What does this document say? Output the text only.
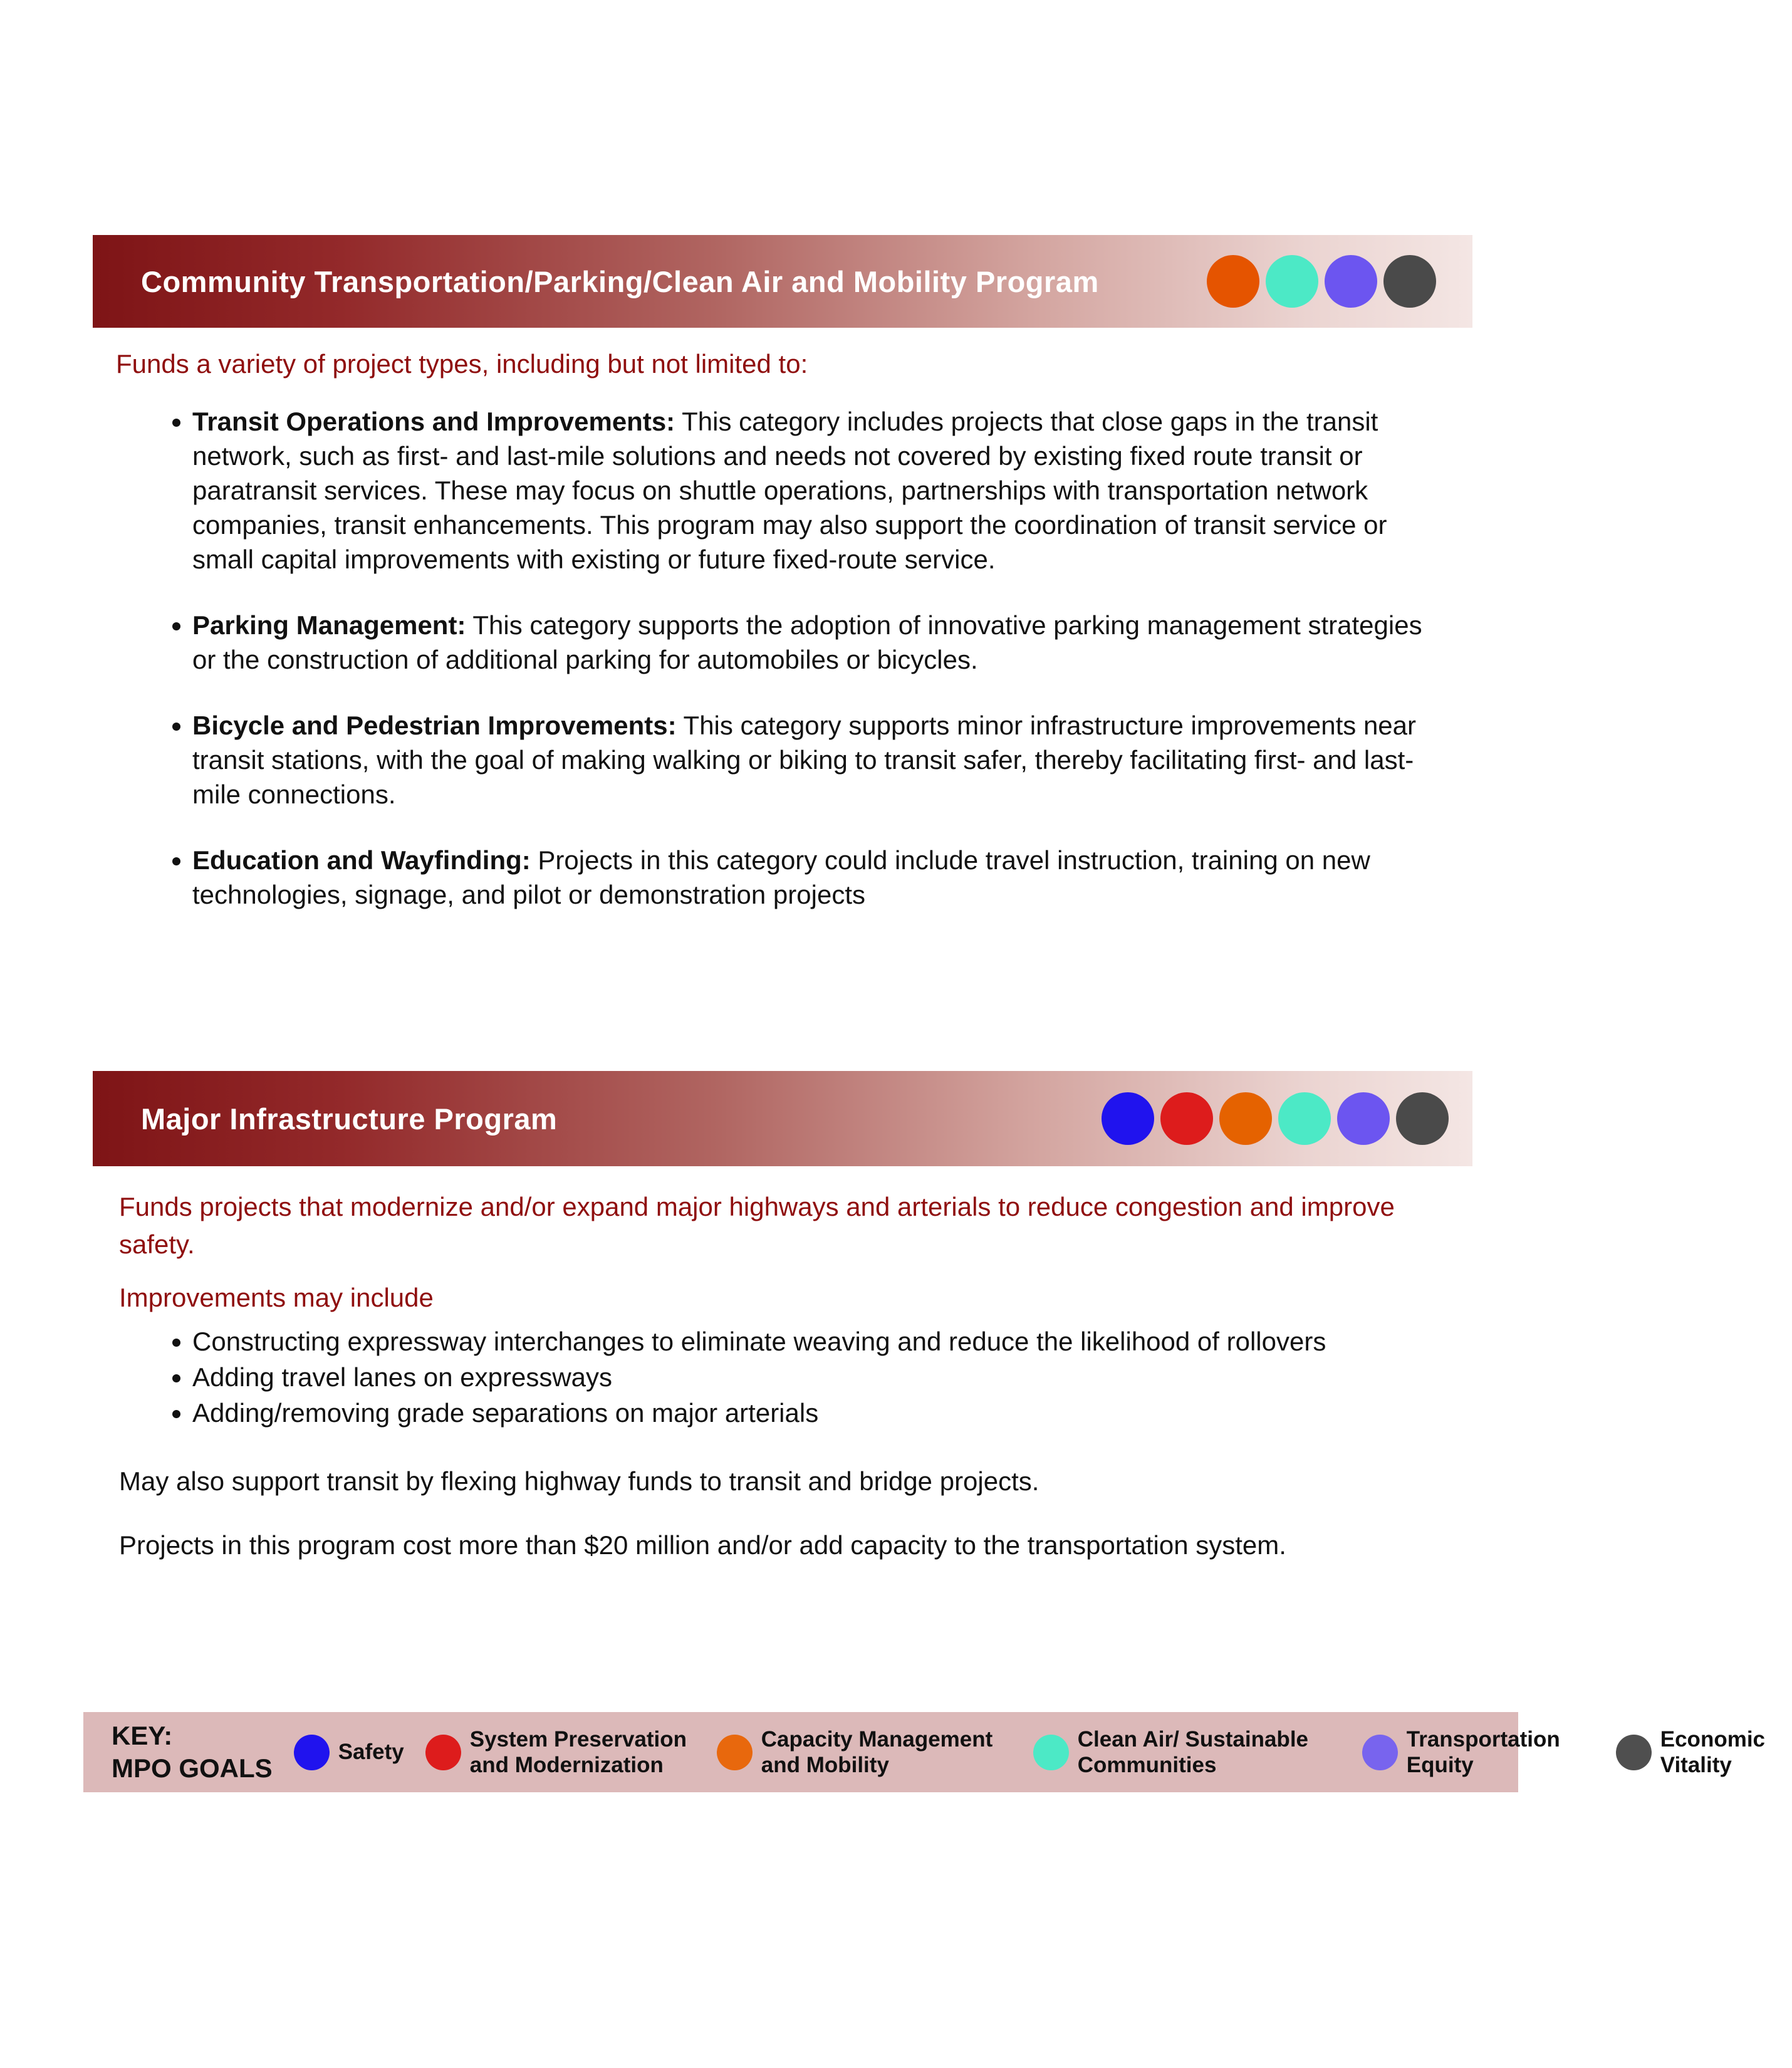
Community Transportation/Parking/Clean Air and Mobility Program

Funds a variety of project types, including but not limited to:

• Transit Operations and Improvements: This category includes projects that close gaps in the transit network, such as first- and last-mile solutions and needs not covered by existing fixed route transit or paratransit services. These may focus on shuttle operations, partnerships with transportation network companies, transit enhancements. This program may also support the coordination of transit service or small capital improvements with existing or future fixed-route service.
• Parking Management: This category supports the adoption of innovative parking management strategies or the construction of additional parking for automobiles or bicycles.
• Bicycle and Pedestrian Improvements: This category supports minor infrastructure improvements near transit stations, with the goal of making walking or biking to transit safer, thereby facilitating first- and last-mile connections.
• Education and Wayfinding: Projects in this category could include travel instruction, training on new technologies, signage, and pilot or demonstration projects
Major Infrastructure Program

Funds projects that modernize and/or expand major highways and arterials to reduce congestion and improve safety.

Improvements may include

• Constructing expressway interchanges to eliminate weaving and reduce the likelihood of rollovers
• Adding travel lanes on expressways
• Adding/removing grade separations on major arterials

May also support transit by flexing highway funds to transit and bridge projects.

Projects in this program cost more than $20 million and/or add capacity to the transportation system.

KEY:
MPO GOALS
Safety
System Preservation and Modernization
Capacity Management and Mobility
Clean Air/ Sustainable Communities
Transportation Equity
Economic Vitality
